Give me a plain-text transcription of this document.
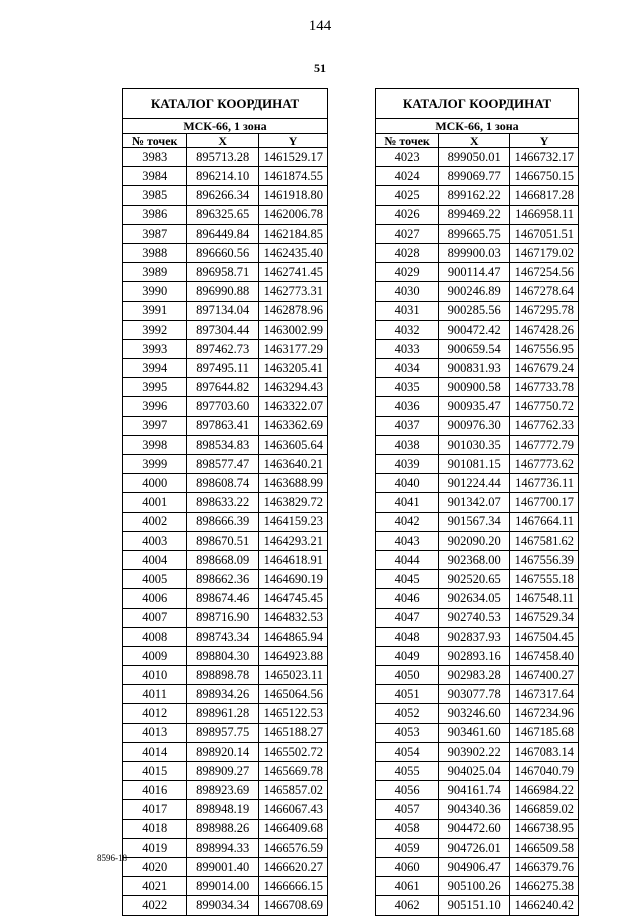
144
51
КАТАЛОГ КООРДИНАТ		
МСК-66, 1 зона		
№ точек	X	Y
3983	895713.28	1461529.17
3984	896214.10	1461874.55
3985	896266.34	1461918.80
3986	896325.65	1462006.78
3987	896449.84	1462184.85
3988	896660.56	1462435.40
3989	896958.71	1462741.45
3990	896990.88	1462773.31
3991	897134.04	1462878.96
3992	897304.44	1463002.99
3993	897462.73	1463177.29
3994	897495.11	1463205.41
3995	897644.82	1463294.43
3996	897703.60	1463322.07
3997	897863.41	1463362.69
3998	898534.83	1463605.64
3999	898577.47	1463640.21
4000	898608.74	1463688.99
4001	898633.22	1463829.72
4002	898666.39	1464159.23
4003	898670.51	1464293.21
4004	898668.09	1464618.91
4005	898662.36	1464690.19
4006	898674.46	1464745.45
4007	898716.90	1464832.53
4008	898743.34	1464865.94
4009	898804.30	1464923.88
4010	898898.78	1465023.11
4011	898934.26	1465064.56
4012	898961.28	1465122.53
4013	898957.75	1465188.27
4014	898920.14	1465502.72
4015	898909.27	1465669.78
4016	898923.69	1465857.02
4017	898948.19	1466067.43
4018	898988.26	1466409.68
4019	898994.33	1466576.59
4020	899001.40	1466620.27
4021	899014.00	1466666.15
4022	899034.34	1466708.69
КАТАЛОГ КООРДИНАТ		
МСК-66, 1 зона		
№ точек	X	Y
4023	899050.01	1466732.17
4024	899069.77	1466750.15
4025	899162.22	1466817.28
4026	899469.22	1466958.11
4027	899665.75	1467051.51
4028	899900.03	1467179.02
4029	900114.47	1467254.56
4030	900246.89	1467278.64
4031	900285.56	1467295.78
4032	900472.42	1467428.26
4033	900659.54	1467556.95
4034	900831.93	1467679.24
4035	900900.58	1467733.78
4036	900935.47	1467750.72
4037	900976.30	1467762.33
4038	901030.35	1467772.79
4039	901081.15	1467773.62
4040	901224.44	1467736.11
4041	901342.07	1467700.17
4042	901567.34	1467664.11
4043	902090.20	1467581.62
4044	902368.00	1467556.39
4045	902520.65	1467555.18
4046	902634.05	1467548.11
4047	902740.53	1467529.34
4048	902837.93	1467504.45
4049	902893.16	1467458.40
4050	902983.28	1467400.27
4051	903077.78	1467317.64
4052	903246.60	1467234.96
4053	903461.60	1467185.68
4054	903902.22	1467083.14
4055	904025.04	1467040.79
4056	904161.74	1466984.22
4057	904340.36	1466859.02
4058	904472.60	1466738.95
4059	904726.01	1466509.58
4060	904906.47	1466379.76
4061	905100.26	1466275.38
4062	905151.10	1466240.42
8596-18
